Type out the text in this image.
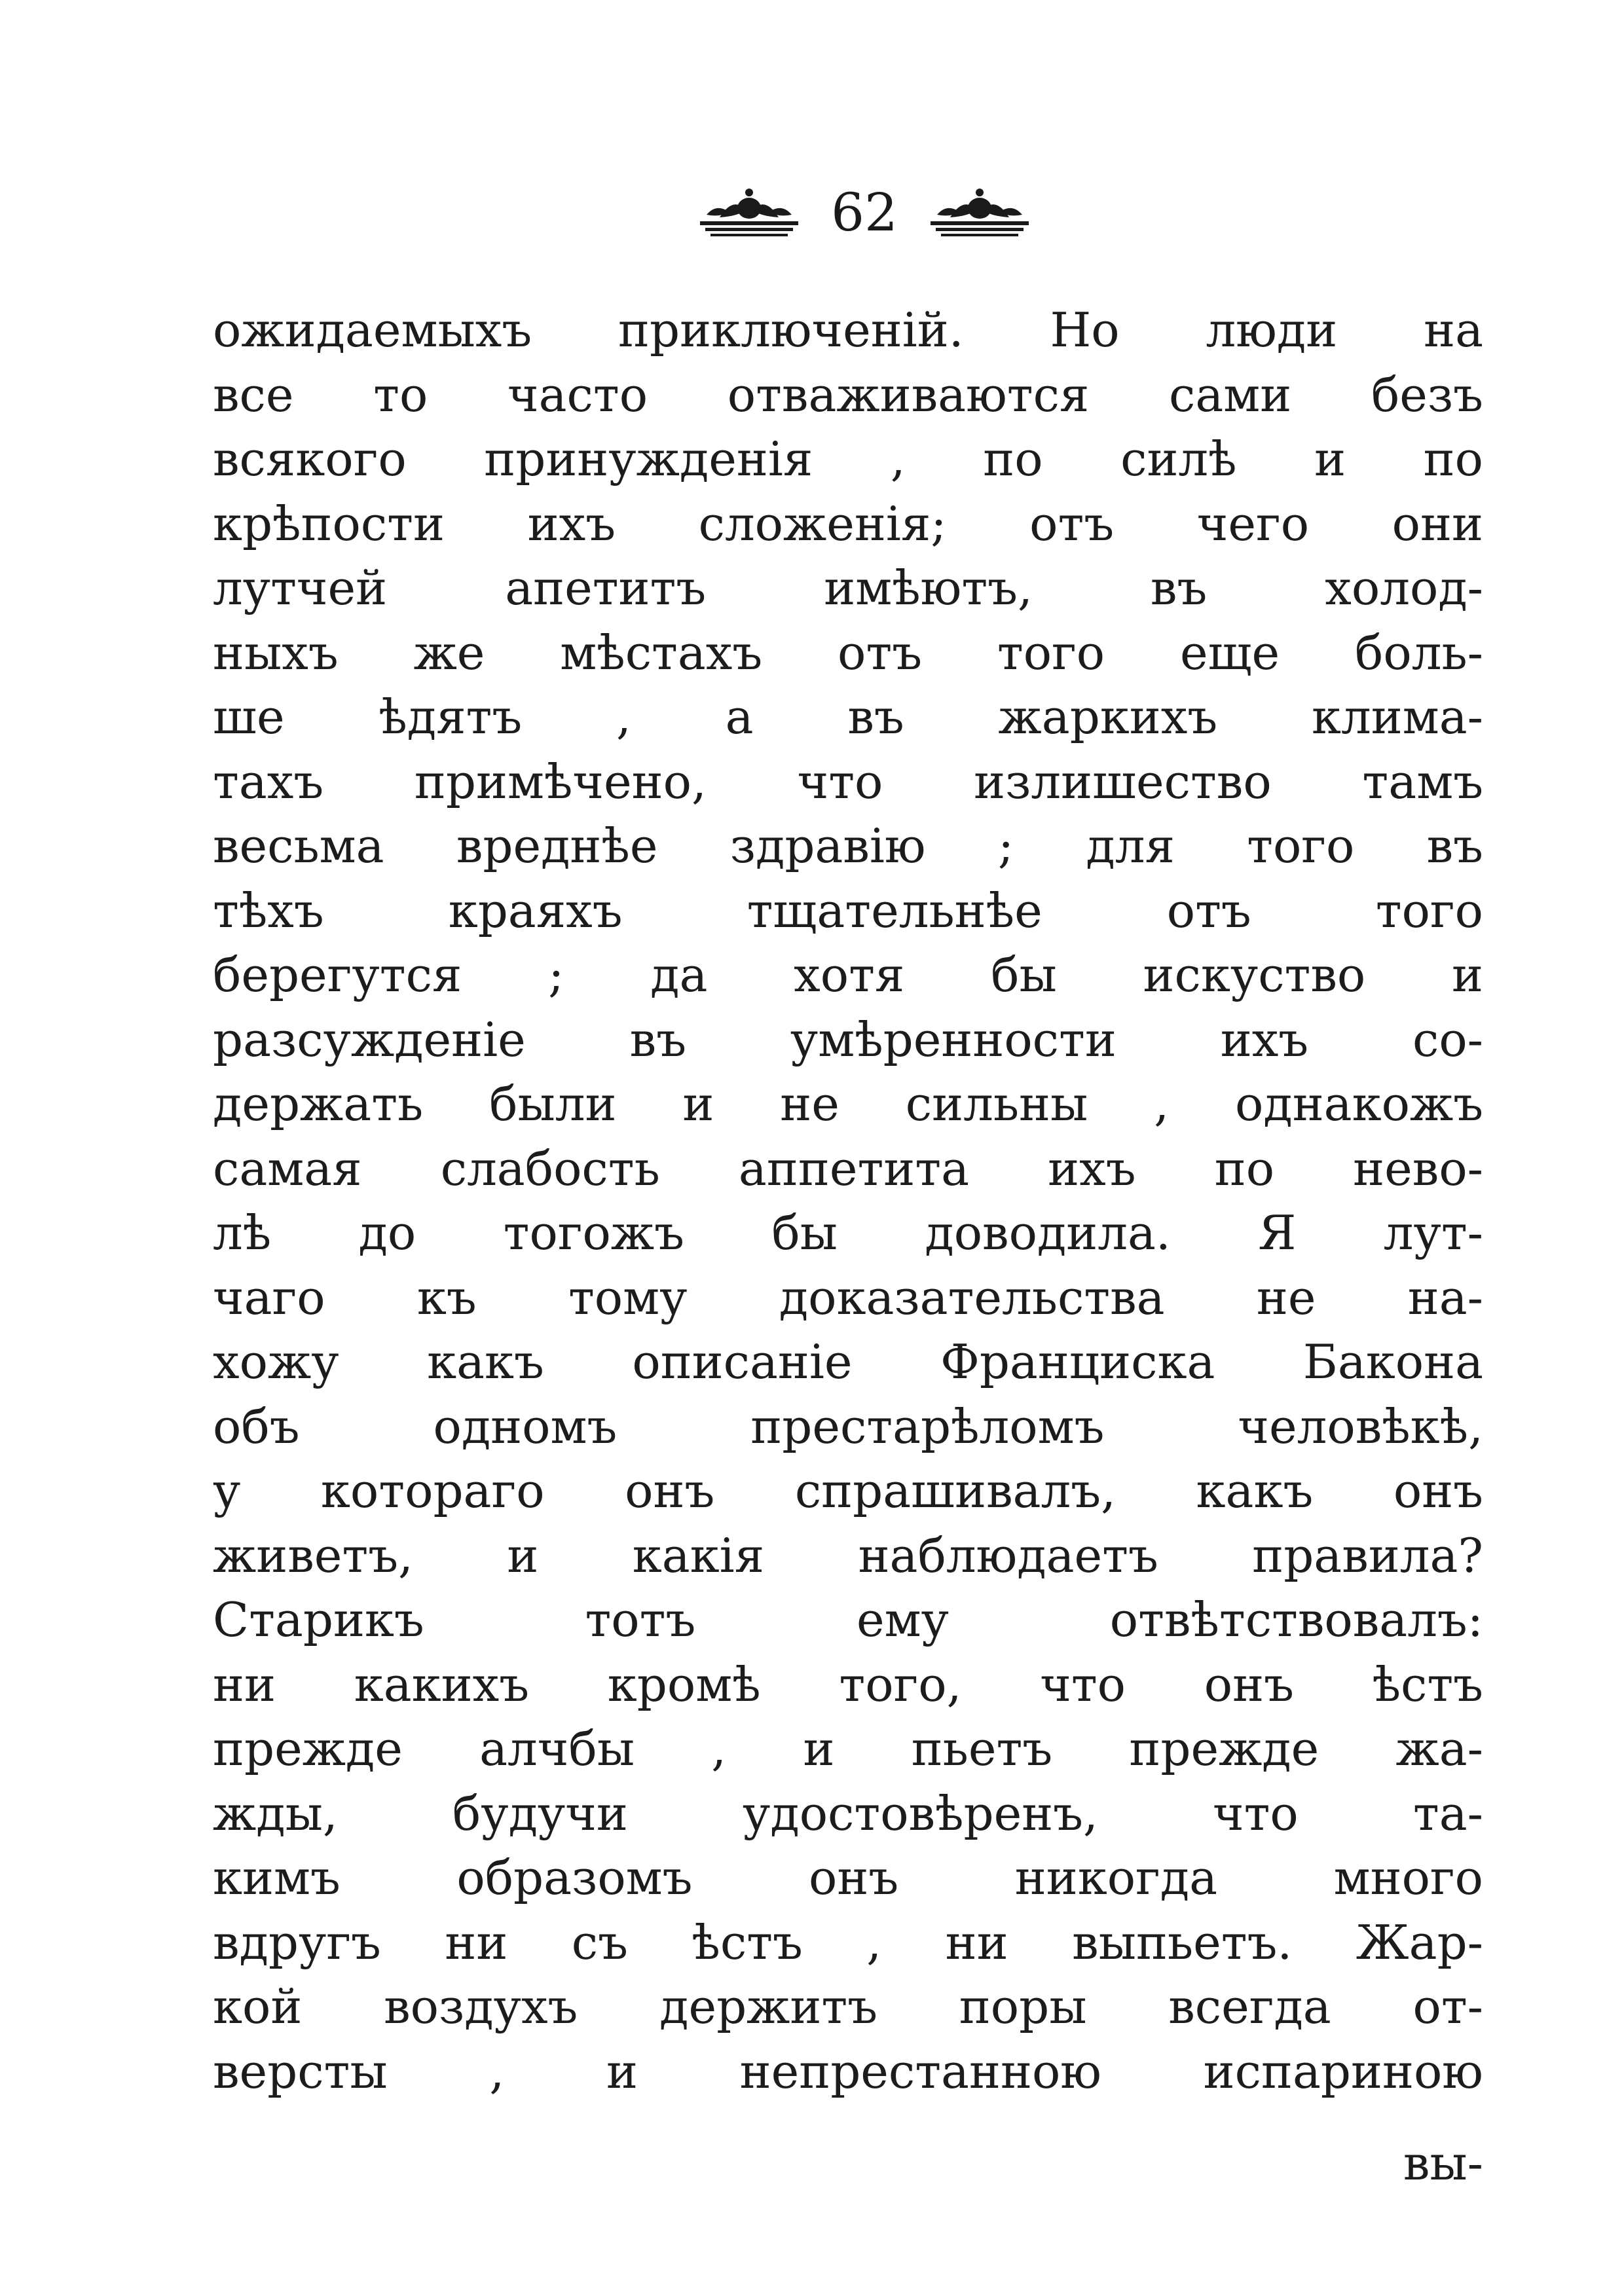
62
ожидаемыхъ приключеній. Но люди на
все то часто отваживаются сами безъ
всякого принужденія , по силѣ и по
крѣпости ихъ сложенія; отъ чего они
лутчей апетитъ имѣютъ, въ холод-
ныхъ же мѣстахъ отъ того еще боль-
ше ѣдятъ , а въ жаркихъ клима-
тахъ примѣчено, что излишество тамъ
весьма вреднѣе здравію ; для того въ
тѣхъ краяхъ тщательнѣе отъ того
берегутся ; да хотя бы искуство и
разсужденіе въ умѣренности ихъ со-
держать были и не сильны , однакожъ
самая слабость аппетита ихъ по нево-
лѣ до тогожъ бы доводила. Я лут-
чаго къ тому доказательства не на-
хожу какъ описаніе Франциска Бакона
объ одномъ престарѣломъ человѣкѣ,
у котораго онъ спрашивалъ, какъ онъ
живетъ, и какія наблюдаетъ правила?
Старикъ тотъ ему отвѣтствовалъ:
ни какихъ кромѣ того, что онъ ѣстъ
прежде алчбы , и пьетъ прежде жа-
жды, будучи удостовѣренъ, что та-
кимъ образомъ онъ никогда много
вдругъ ни съ ѣстъ , ни выпьетъ. Жар-
кой воздухъ держитъ поры всегда от-
версты , и непрестанною испариною
вы-
